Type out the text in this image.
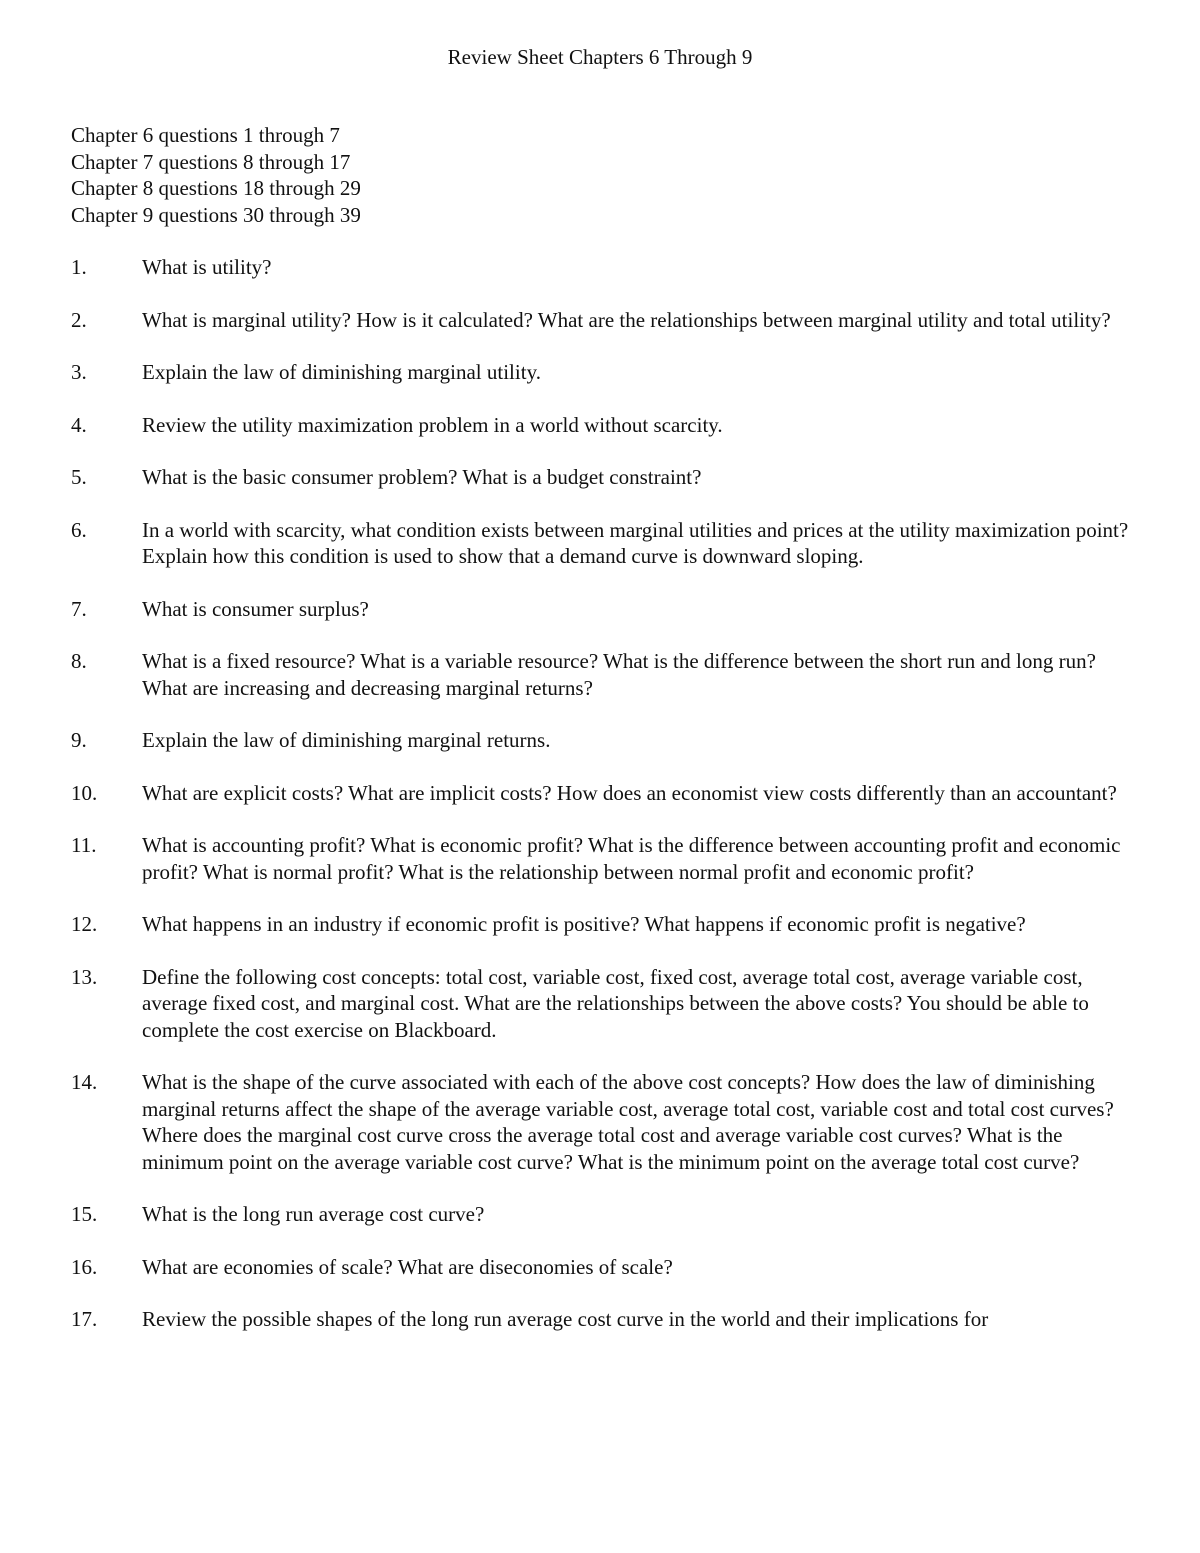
Review Sheet Chapters 6 Through 9
Chapter 6 questions 1 through 7
Chapter 7 questions 8 through 17
Chapter 8 questions 18 through 29
Chapter 9 questions 30 through 39
1.	What is utility?
2.	What is marginal utility? How is it calculated? What are the relationships between marginal utility and total utility?
3.	Explain the law of diminishing marginal utility.
4.	Review the utility maximization problem in a world without scarcity.
5.	What is the basic consumer problem? What is a budget constraint?
6.	In a world with scarcity, what condition exists between marginal utilities and prices at the utility maximization point? Explain how this condition is used to show that a demand curve is downward sloping.
7.	What is consumer surplus?
8.	What is a fixed resource? What is a variable resource? What is the difference between the short run and long run? What are increasing and decreasing marginal returns?
9.	Explain the law of diminishing marginal returns.
10.	What are explicit costs? What are implicit costs? How does an economist view costs differently than an accountant?
11.	What is accounting profit? What is economic profit? What is the difference between accounting profit and economic profit? What is normal profit? What is the relationship between normal profit and economic profit?
12.	What happens in an industry if economic profit is positive? What happens if economic profit is negative?
13.	Define the following cost concepts: total cost, variable cost, fixed cost, average total cost, average variable cost, average fixed cost, and marginal cost. What are the relationships between the above costs? You should be able to complete the cost exercise on Blackboard.
14.	What is the shape of the curve associated with each of the above cost concepts? How does the law of diminishing marginal returns affect the shape of the average variable cost, average total cost, variable cost and total cost curves? Where does the marginal cost curve cross the average total cost and average variable cost curves? What is the minimum point on the average variable cost curve? What is the minimum point on the average total cost curve?
15.	What is the long run average cost curve?
16.	What are economies of scale? What are diseconomies of scale?
17.	Review the possible shapes of the long run average cost curve in the world and their implications for
